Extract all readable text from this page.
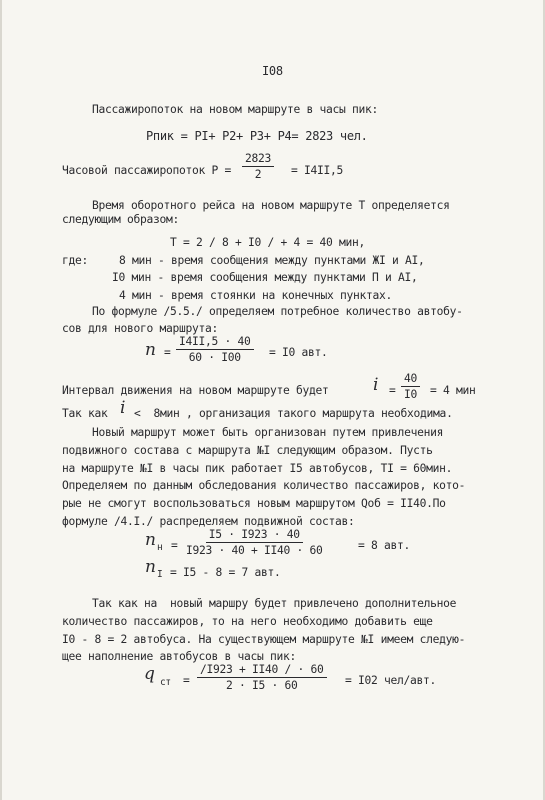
I08
Пассажиропоток на новом маршруте в часы пик:
Pпик = PI+ P2+ P3+ P4= 2823 чел.
Часовой пассажиропоток $P = \frac{2823}{2} = I4II,5$
Время оборотного рейса на новом маршруте T определяется
следующим образом:
T = 2 / 8 + I0 / + 4 = 40 мин,
где:	8 мин - время сообщения между пунктами ЖI и AI,
I0 мин - время сообщения между пунктами П и AI,
4 мин - время стоянки на конечных пунктах.
По формуле /5.5./ определяем потребное количество автобу-
сов для нового маршрута:
$n = \frac{I4II,5 \cdot 40}{60 \cdot I00} = I0$ авт.
Интервал движения на новом маршруте будет	$i = \frac{40}{I0} = 4$ мин
Так как i <  8мин , организация такого маршрута необходима.
Новый маршрут может быть организован путем привлечения
подвижного состава с маршрута №I следующим образом. Пусть
на маршруте №I в часы пик работает I5 автобусов, TI = 60мин.
Определяем по данным обследования количество пассажиров, кото-
рые не смогут воспользоваться новым маршрутом Qоб = II40.По
формуле /4.I./ распределяем подвижной состав:
n $н = \frac{I5 \cdot I923 \cdot 40}{I923 \cdot 40 + II40 \cdot 60}$	= 8 авт.
n I = I5 - 8 = 7 авт.
Так как на  новый маршру будет привлечено дополнительное
количество пассажиров, то на него необходимо добавить еще
I0 - 8 = 2 автобуса. На существующем маршруте №I имеем следую-
щее наполнение автобусов в часы пик:
q ст = $\frac{/I923 + II40 / \cdot 60}{2 \cdot I5 \cdot 60} = I02$ чел/авт.
